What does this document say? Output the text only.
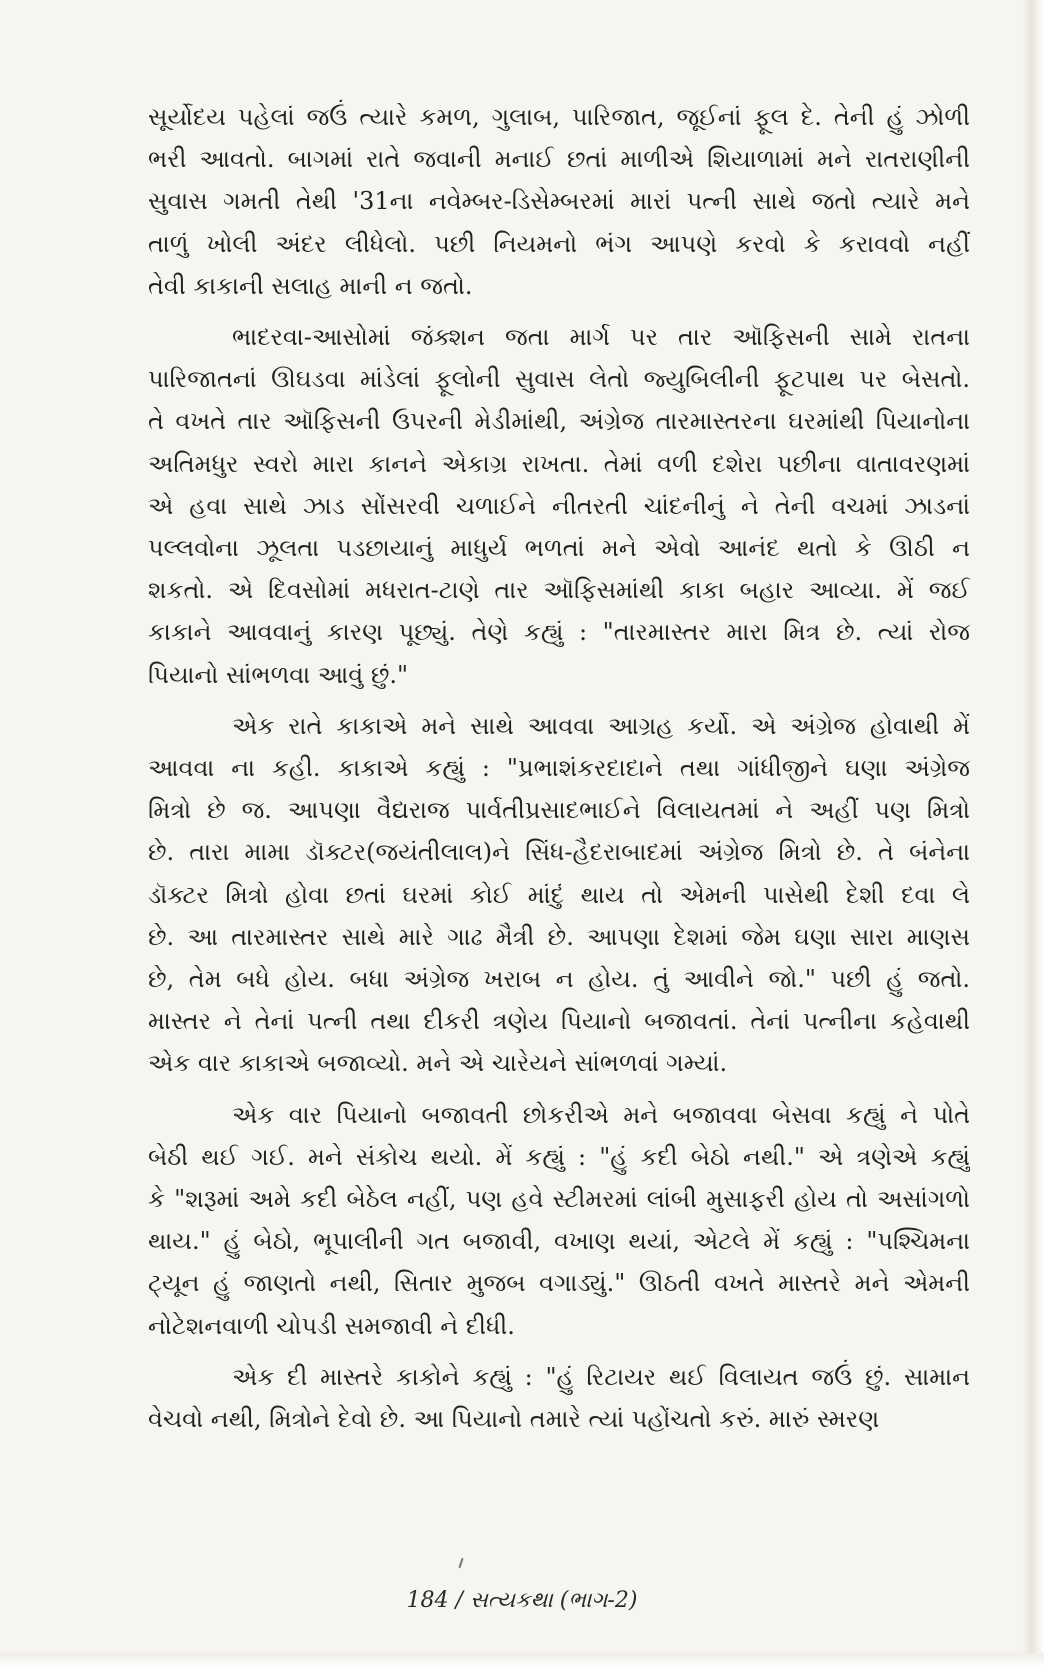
સૂર્યોદય પહેલાં જઉં ત્યારે કમળ, ગુલાબ, પારિજાત, જૂઈનાં ફૂલ દે. તેની હું ઝોળી
ભરી આવતો. બાગમાં રાતે જવાની મનાઈ છતાં માળીએ શિયાળામાં મને રાતરાણીની
સુવાસ ગમતી તેથી '31ના નવેમ્બર-ડિસેમ્બરમાં મારાં પત્ની સાથે જતો ત્યારે મને
તાળું ખોલી અંદર લીધેલો. પછી નિયમનો ભંગ આપણે કરવો કે કરાવવો નહીં
તેવી કાકાની સલાહ માની ન જતો.
ભાદરવા-આસોમાં જંક્શન જતા માર્ગ પર તાર ઑફિસની સામે રાતના
પારિજાતનાં ઊઘડવા માંડેલાં ફૂલોની સુવાસ લેતો જ્યુબિલીની ફૂટપાથ પર બેસતો.
તે વખતે તાર ઑફિસની ઉપરની મેડીમાંથી, અંગ્રેજ તારમાસ્તરના ઘરમાંથી પિયાનોના
અતિમધુર સ્વરો મારા કાનને એકાગ્ર રાખતા. તેમાં વળી દશેરા પછીના વાતાવરણમાં
એ હવા સાથે ઝાડ સોંસરવી ચળાઈને નીતરતી ચાંદનીનું ને તેની વચમાં ઝાડનાં
પલ્લવોના ઝૂલતા પડછાયાનું માધુર્ય ભળતાં મને એવો આનંદ થતો કે ઊઠી ન
શકતો. એ દિવસોમાં મધરાત-ટાણે તાર ઑફિસમાંથી કાકા બહાર આવ્યા. મેં જઈ
કાકાને આવવાનું કારણ પૂછ્યું. તેણે કહ્યું : "તારમાસ્તર મારા મિત્ર છે. ત્યાં રોજ
પિયાનો સાંભળવા આવું છું."
એક રાતે કાકાએ મને સાથે આવવા આગ્રહ કર્યો. એ અંગ્રેજ હોવાથી મેં
આવવા ના કહી. કાકાએ કહ્યું : "પ્રભાશંકરદાદાને તથા ગાંધીજીને ઘણા અંગ્રેજ
મિત્રો છે જ. આપણા વૈદ્યરાજ પાર્વતીપ્રસાદભાઈને વિલાયતમાં ને અહીં પણ મિત્રો
છે. તારા મામા ડૉક્ટર(જયંતીલાલ)ને સિંધ-હૈદરાબાદમાં અંગ્રેજ મિત્રો છે. તે બંનેના
ડૉક્ટર મિત્રો હોવા છતાં ઘરમાં કોઈ માંદું થાય તો એમની પાસેથી દેશી દવા લે
છે. આ તારમાસ્તર સાથે મારે ગાઢ મૈત્રી છે. આપણા દેશમાં જેમ ઘણા સારા માણસ
છે, તેમ બધે હોય. બધા અંગ્રેજ ખરાબ ન હોય. તું આવીને જો." પછી હું જતો.
માસ્તર ને તેનાં પત્ની તથા દીકરી ત્રણેય પિયાનો બજાવતાં. તેનાં પત્નીના કહેવાથી
એક વાર કાકાએ બજાવ્યો. મને એ ચારેયને સાંભળવાં ગમ્યાં.
એક વાર પિયાનો બજાવતી છોકરીએ મને બજાવવા બેસવા કહ્યું ને પોતે
બેઠી થઈ ગઈ. મને સંકોચ થયો. મેં કહ્યું : "હું કદી બેઠો નથી." એ ત્રણેએ કહ્યું
કે "શરૂમાં અમે કદી બેઠેલ નહીં, પણ હવે સ્ટીમરમાં લાંબી મુસાફરી હોય તો અસાંગળો
થાય." હું બેઠો, ભૂપાલીની ગત બજાવી, વખાણ થયાં, એટલે મેં કહ્યું : "પશ્ચિમના
ટ્યૂન હું જાણતો નથી, સિતાર મુજબ વગાડ્યું." ઊઠતી વખતે માસ્તરે મને એમની
નોટેશનવાળી ચોપડી સમજાવી ને દીધી.
એક દી માસ્તરે કાકોને કહ્યું : "હું રિટાયર થઈ વિલાયત જઉં છું. સામાન
વેચવો નથી, મિત્રોને દેવો છે. આ પિયાનો તમારે ત્યાં પહોંચતો કરું. મારું સ્મરણ
184 / સત્યકથા (ભાગ-2)
